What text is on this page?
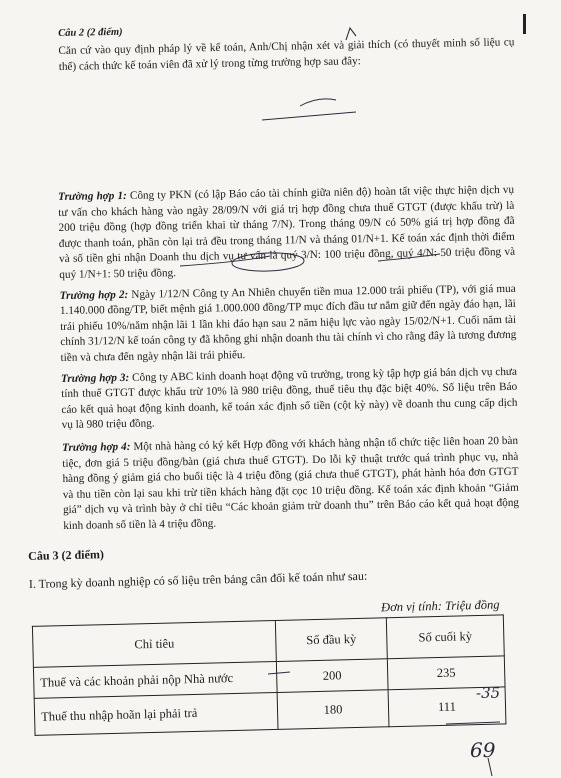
Câu 2 (2 điểm)

Căn cứ vào quy định pháp lý về kế toán, Anh/Chị nhận xét và giải thích (có thuyết minh số liệu cụ thể) cách thức kế toán viên đã xử lý trong từng trường hợp sau đây:

Trường hợp 1: Công ty PKN (có lập Báo cáo tài chính giữa niên độ) hoàn tất việc thực hiện dịch vụ tư vấn cho khách hàng vào ngày 28/09/N với giá trị hợp đồng chưa thuế GTGT (được khấu trừ) là 200 triệu đồng (hợp đồng triển khai từ tháng 7/N). Trong tháng 09/N có 50% giá trị hợp đồng đã được thanh toán, phần còn lại trả đều trong tháng 11/N và tháng 01/N+1. Kế toán xác định thời điểm và số tiền ghi nhận Doanh thu dịch vụ tư vấn là quý 3/N: 100 triệu đồng, quý 4/N: 50 triệu đồng và quý 1/N+1: 50 triệu đồng.

Trường hợp 2: Ngày 1/12/N Công ty An Nhiên chuyển tiền mua 12.000 trái phiếu (TP), với giá mua 1.140.000 đồng/TP, biết mệnh giá 1.000.000 đồng/TP mục đích đầu tư nắm giữ đến ngày đáo hạn, lãi trái phiếu 10%/năm nhận lãi 1 lần khi đáo hạn sau 2 năm hiệu lực vào ngày 15/02/N+1. Cuối năm tài chính 31/12/N kế toán công ty đã không ghi nhận doanh thu tài chính vì cho rằng đây là tương đương tiền và chưa đến ngày nhận lãi trái phiếu.

Trường hợp 3: Công ty ABC kinh doanh hoạt động vũ trường, trong kỳ tập hợp giá bán dịch vụ chưa tính thuế GTGT được khấu trừ 10% là 980 triệu đồng, thuế tiêu thụ đặc biệt 40%. Số liệu trên Báo cáo kết quả hoạt động kinh doanh, kế toán xác định số tiền (cột kỳ này) về doanh thu cung cấp dịch vụ là 980 triệu đồng.

Trường hợp 4: Một nhà hàng có ký kết Hợp đồng với khách hàng nhận tổ chức tiệc liên hoan 20 bàn tiệc, đơn giá 5 triệu đồng/bàn (giá chưa thuế GTGT). Do lỗi kỹ thuật trước quá trình phục vụ, nhà hàng đồng ý giảm giá cho buổi tiệc là 4 triệu đồng (giá chưa thuế GTGT), phát hành hóa đơn GTGT và thu tiền còn lại sau khi trừ tiền khách hàng đặt cọc 10 triệu đồng. Kế toán xác định khoản “Giảm giá” dịch vụ và trình bày ở chỉ tiêu “Các khoản giảm trừ doanh thu” trên Báo cáo kết quả hoạt động kinh doanh số tiền là 4 triệu đồng.

Câu 3 (2 điểm)

I. Trong kỳ doanh nghiệp có số liệu trên bảng cân đối kế toán như sau:

Đơn vị tính: Triệu đồng

Chỉ tiêu	Số đầu kỳ	Số cuối kỳ
Thuế và các khoản phải nộp Nhà nước	200	235
Thuế thu nhập hoãn lại phải trả	180	111
-35
69
